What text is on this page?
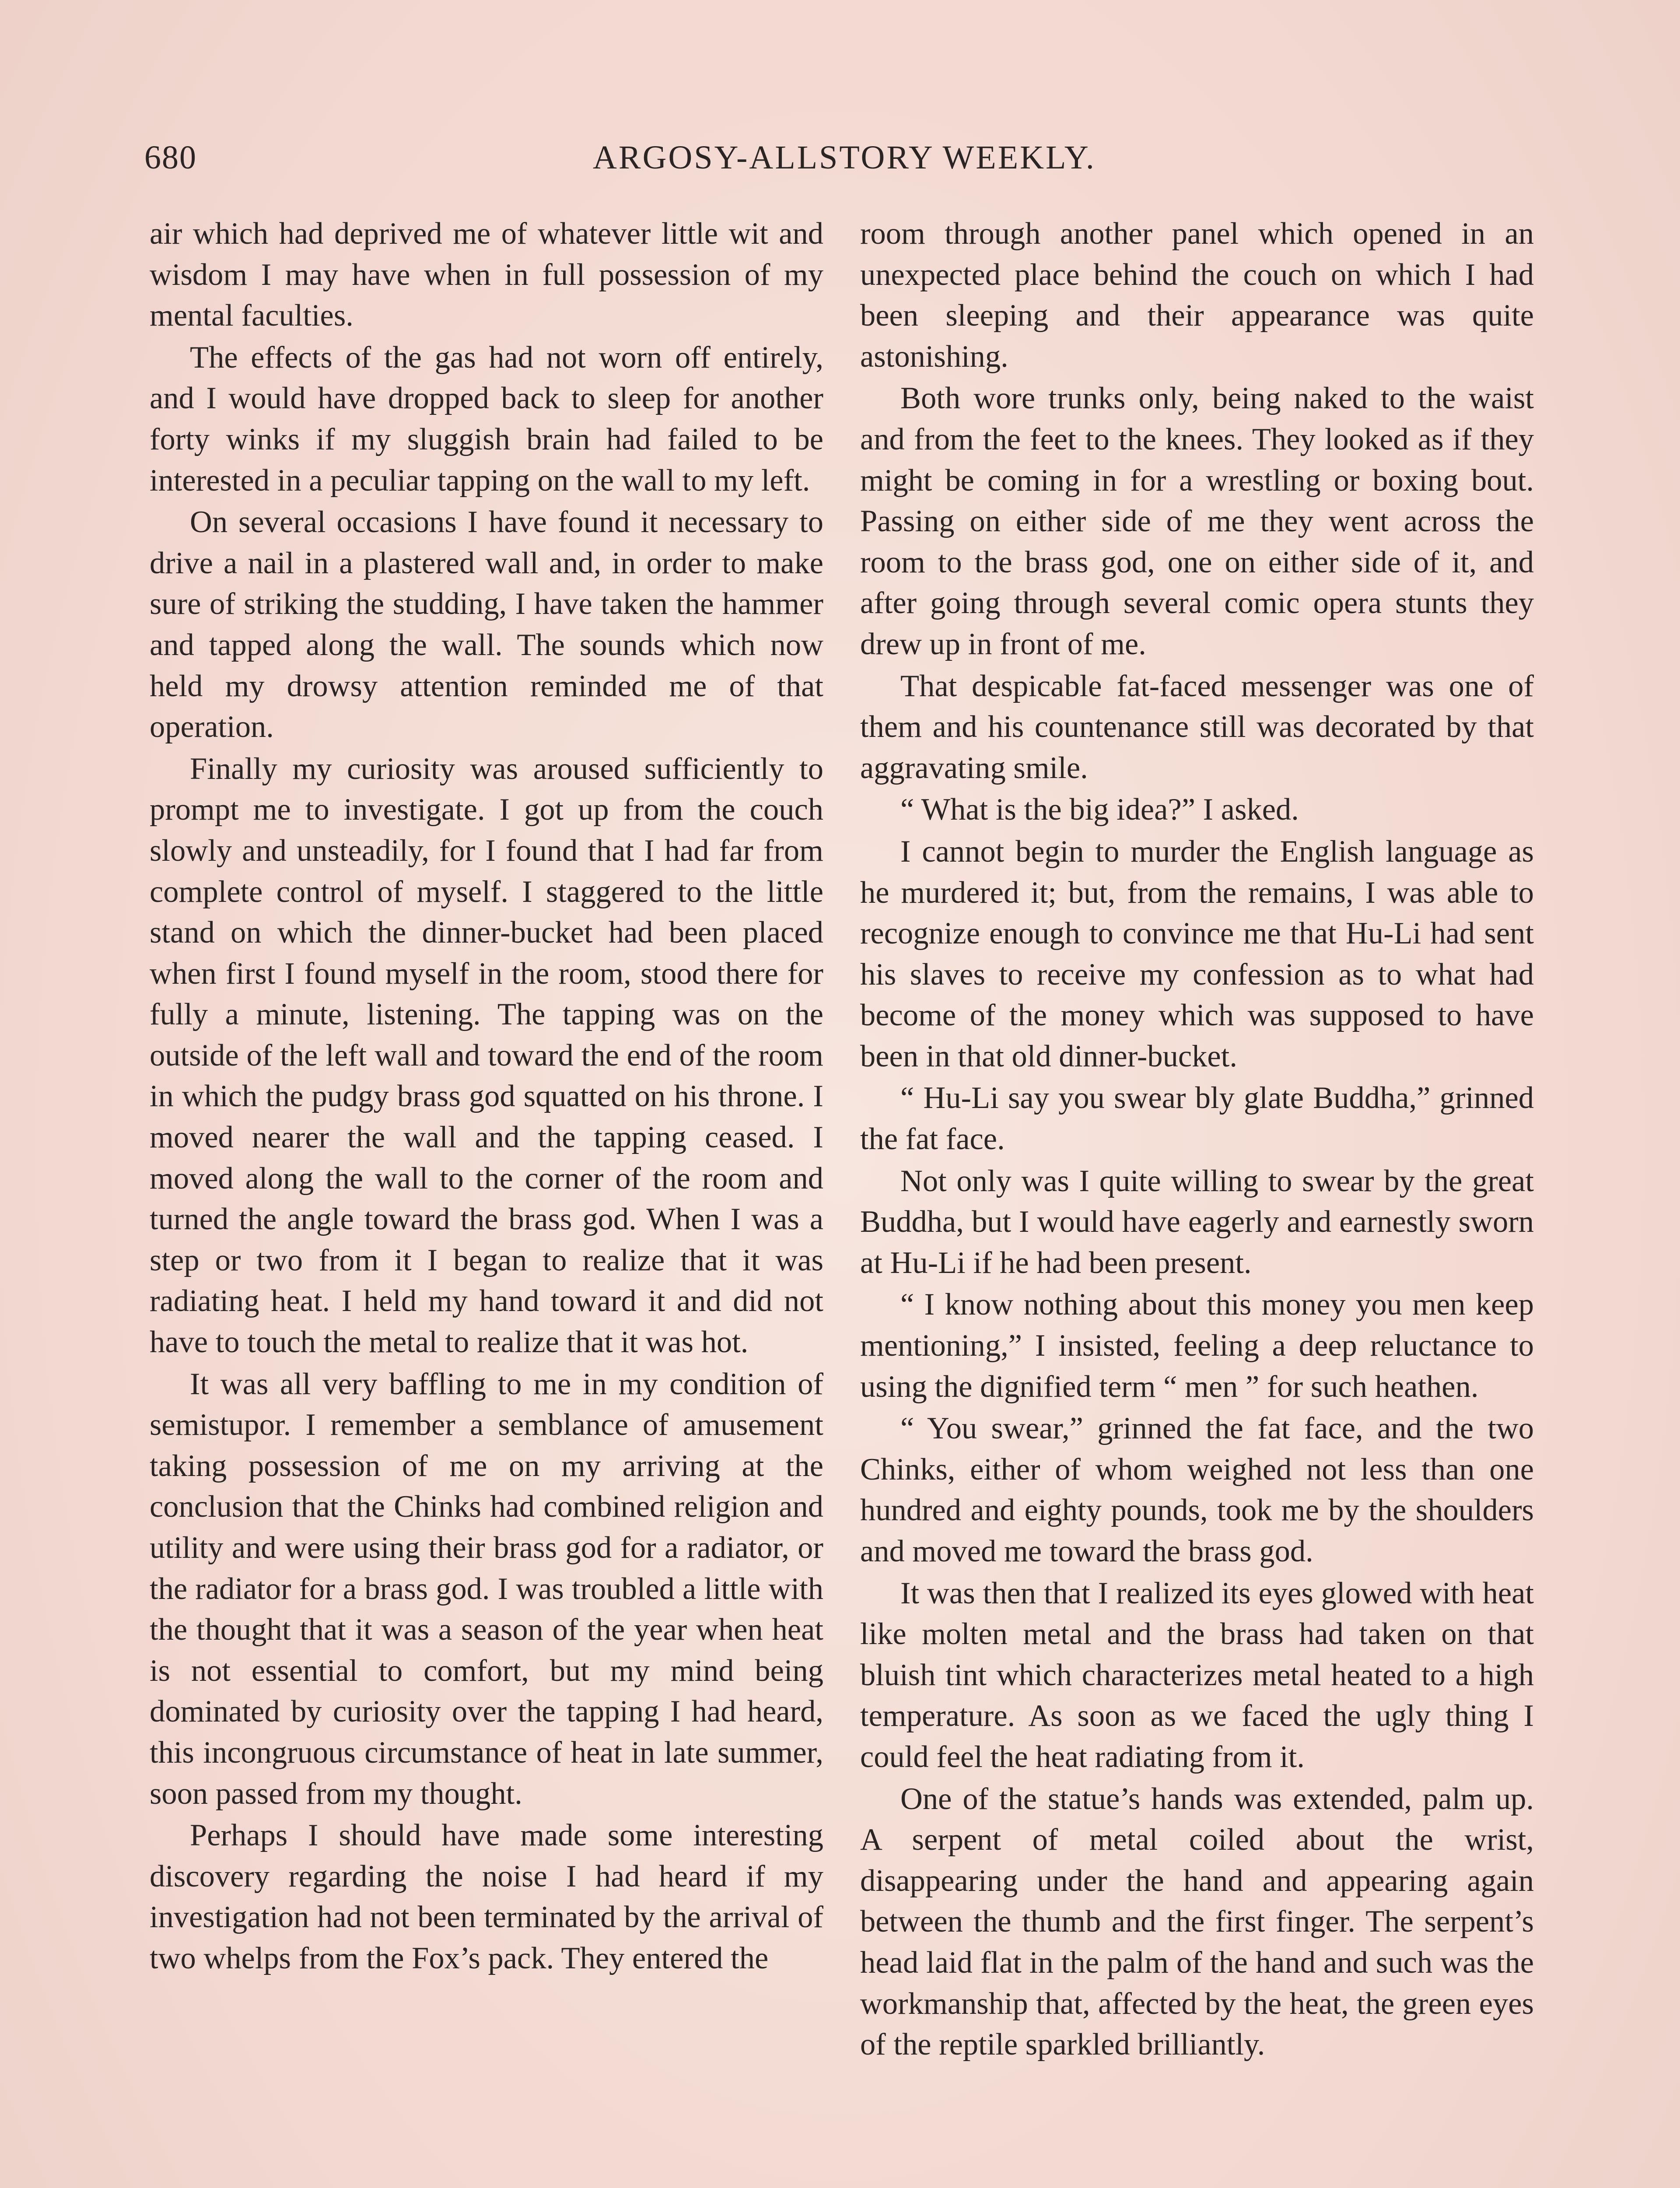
680	ARGOSY-ALLSTORY WEEKLY.

air which had deprived me of whatever little wit and wisdom I may have when in full possession of my mental faculties.

The effects of the gas had not worn off entirely, and I would have dropped back to sleep for another forty winks if my sluggish brain had failed to be interested in a peculiar tapping on the wall to my left.

On several occasions I have found it necessary to drive a nail in a plastered wall and, in order to make sure of striking the studding, I have taken the hammer and tapped along the wall. The sounds which now held my drowsy attention reminded me of that operation.

Finally my curiosity was aroused sufficiently to prompt me to investigate. I got up from the couch slowly and unsteadily, for I found that I had far from complete control of myself. I staggered to the little stand on which the dinner-bucket had been placed when first I found myself in the room, stood there for fully a minute, listening. The tapping was on the outside of the left wall and toward the end of the room in which the pudgy brass god squatted on his throne. I moved nearer the wall and the tapping ceased. I moved along the wall to the corner of the room and turned the angle toward the brass god. When I was a step or two from it I began to realize that it was radiating heat. I held my hand toward it and did not have to touch the metal to realize that it was hot.

It was all very baffling to me in my condition of semistupor. I remember a semblance of amusement taking possession of me on my arriving at the conclusion that the Chinks had combined religion and utility and were using their brass god for a radiator, or the radiator for a brass god. I was troubled a little with the thought that it was a season of the year when heat is not essential to comfort, but my mind being dominated by curiosity over the tapping I had heard, this incongruous circumstance of heat in late summer, soon passed from my thought.

Perhaps I should have made some interesting discovery regarding the noise I had heard if my investigation had not been terminated by the arrival of two whelps from the Fox’s pack. They entered the

room through another panel which opened in an unexpected place behind the couch on which I had been sleeping and their appearance was quite astonishing.

Both wore trunks only, being naked to the waist and from the feet to the knees. They looked as if they might be coming in for a wrestling or boxing bout. Passing on either side of me they went across the room to the brass god, one on either side of it, and after going through several comic opera stunts they drew up in front of me.

That despicable fat-faced messenger was one of them and his countenance still was decorated by that aggravating smile.

“ What is the big idea?” I asked.

I cannot begin to murder the English language as he murdered it; but, from the remains, I was able to recognize enough to convince me that Hu-Li had sent his slaves to receive my confession as to what had become of the money which was supposed to have been in that old dinner-bucket.

“ Hu-Li say you swear bly glate Buddha,” grinned the fat face.

Not only was I quite willing to swear by the great Buddha, but I would have eagerly and earnestly sworn at Hu-Li if he had been present.

“ I know nothing about this money you men keep mentioning,” I insisted, feeling a deep reluctance to using the dignified term “ men ” for such heathen.

“ You swear,” grinned the fat face, and the two Chinks, either of whom weighed not less than one hundred and eighty pounds, took me by the shoulders and moved me toward the brass god.

It was then that I realized its eyes glowed with heat like molten metal and the brass had taken on that bluish tint which characterizes metal heated to a high temperature. As soon as we faced the ugly thing I could feel the heat radiating from it.

One of the statue’s hands was extended, palm up. A serpent of metal coiled about the wrist, disappearing under the hand and appearing again between the thumb and the first finger. The serpent’s head laid flat in the palm of the hand and such was the workmanship that, affected by the heat, the green eyes of the reptile sparkled brilliantly.
